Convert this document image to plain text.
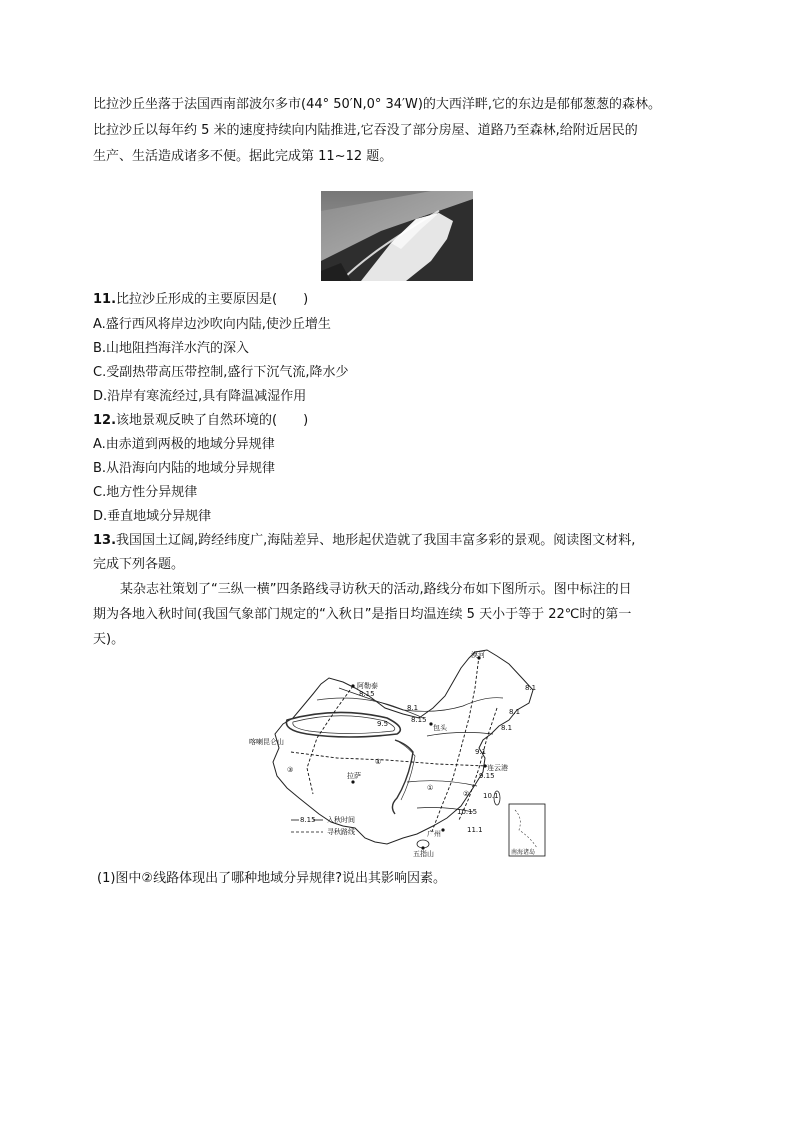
比拉沙丘坐落于法国西南部波尔多市(44° 50′N,0° 34′W)的大西洋畔,它的东边是郁郁葱葱的森林。
比拉沙丘以每年约 5 米的速度持续向内陆推进,它吞没了部分房屋、道路乃至森林,给附近居民的
生产、生活造成诸多不便。据此完成第 11~12 题。
11.比拉沙丘形成的主要原因是(　　)
A.盛行西风将岸边沙吹向内陆,使沙丘增生
B.山地阻挡海洋水汽的深入
C.受副热带高压带控制,盛行下沉气流,降水少
D.沿岸有寒流经过,具有降温减湿作用
12.该地景观反映了自然环境的(　　)
A.由赤道到两极的地域分异规律
B.从沿海向内陆的地域分异规律
C.地方性分异规律
D.垂直地域分异规律
13.我国国土辽阔,跨经纬度广,海陆差异、地形起伏造就了我国丰富多彩的景观。阅读图文材料,
完成下列各题。
某杂志社策划了“三纵一横”四条路线寻访秋天的活动,路线分布如下图所示。图中标注的日
期为各地入秋时间(我国气象部门规定的“入秋日”是指日均温连续 5 天小于等于 22℃时的第一
天)。
漠河
阿勒泰
喀喇昆仑山
拉萨
包头
连云港
广州
五指山
8.1
8.15
9.5
8.1
8.15
8.1
8.1
9.1
9.15
10.1
10.15
11.1
①
②
③
④
南海诸岛
8.15 入秋时间
寻秋路线
(1)图中②线路体现出了哪种地域分异规律?说出其影响因素。
